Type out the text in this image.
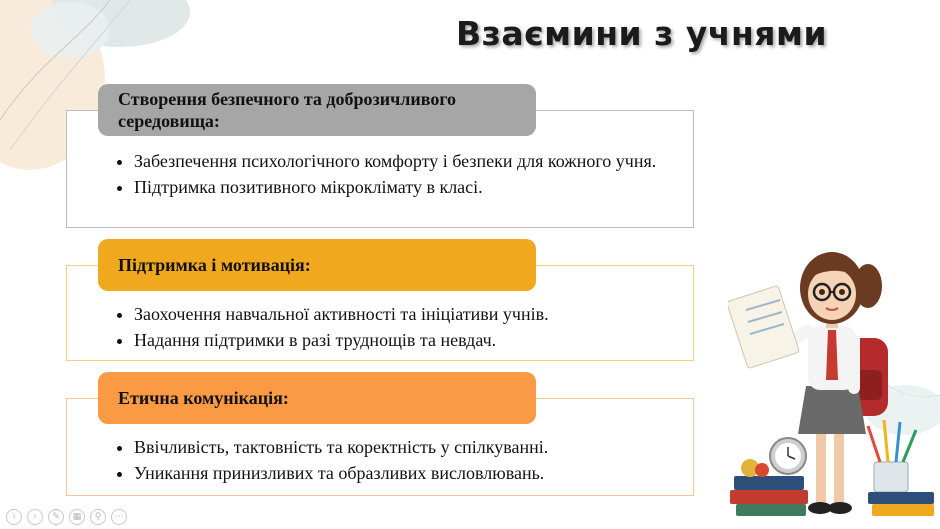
Взаємини з учнями
Створення безпечного та доброзичливого середовища:
• Забезпечення психологічного комфорту і безпеки для кожного учня.
• Підтримка позитивного мікроклімату в класі.
Підтримка і мотивація:
• Заохочення навчальної активності та ініціативи учнів.
• Надання підтримки в разі труднощів та невдач.
Етична комунікація:
• Ввічливість, тактовність та коректність у спілкуванні.
• Уникання принизливих та образливих висловлювань.
‹	›	✎	▦	⚲	⋯
